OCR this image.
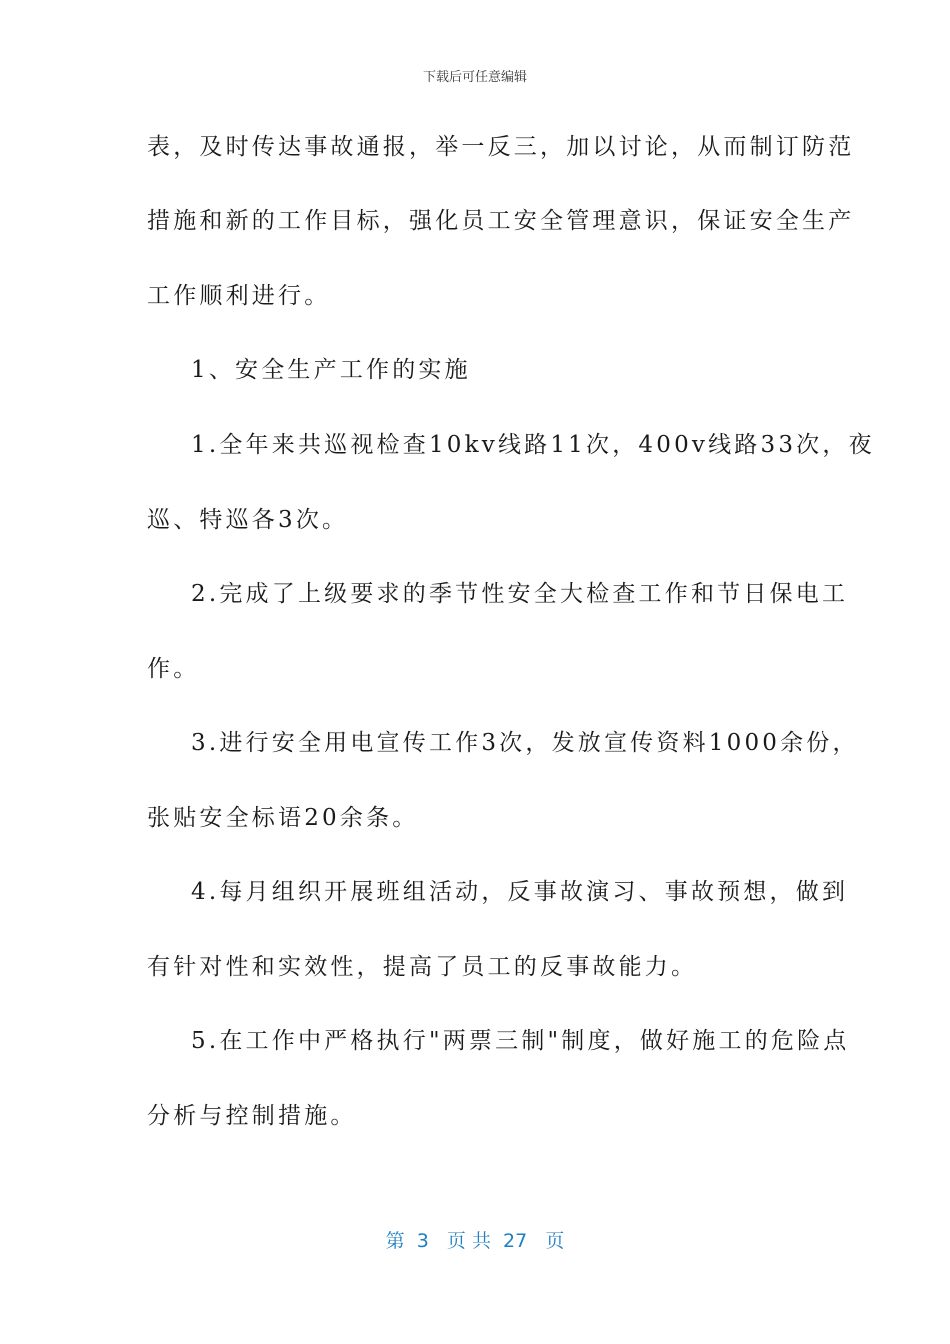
下载后可任意编辑
表，及时传达事故通报，举一反三，加以讨论，从而制订防范
措施和新的工作目标，强化员工安全管理意识，保证安全生产
工作顺利进行。
1、安全生产工作的实施
1.全年来共巡视检查10kv线路11次，400v线路33次，夜
巡、特巡各3次。
2.完成了上级要求的季节性安全大检查工作和节日保电工
作。
3.进行安全用电宣传工作3次，发放宣传资料1000余份，
张贴安全标语20余条。
4.每月组织开展班组活动，反事故演习、事故预想，做到
有针对性和实效性，提高了员工的反事故能力。
5.在工作中严格执行"两票三制"制度，做好施工的危险点
分析与控制措施。
第  3   页 共  27   页
